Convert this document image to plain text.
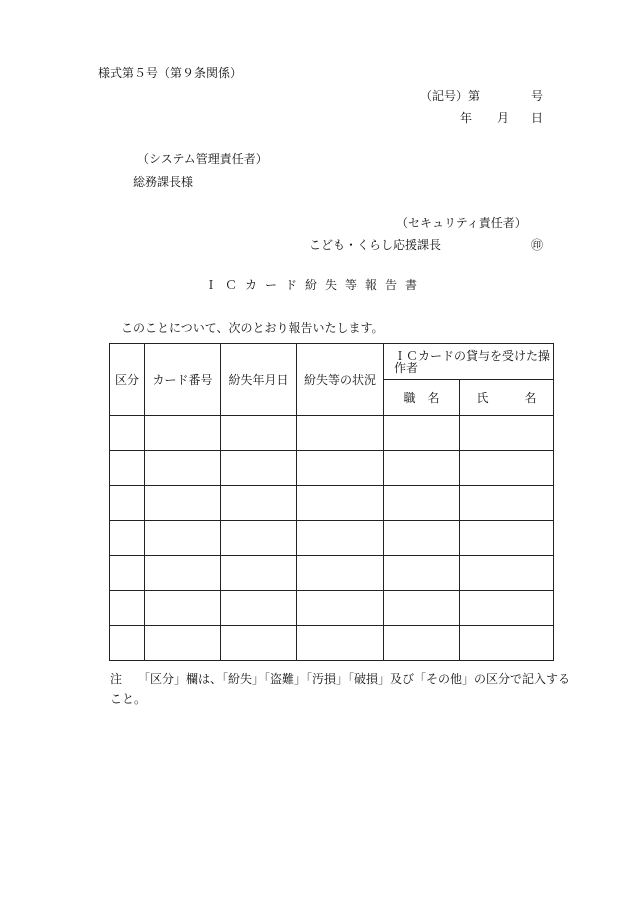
様式第５号（第９条関係）
（記号）第	号
年 月 日
（システム管理責任者）
総務課長様
（セキュリティ責任者）
こども・くらし応援課長	㊞
ＩＣカード紛失等報告書
このことについて、次のとおり報告いたします。
区分	カード番号	紛失年月日	紛失等の状況	ＩＣカードの貸与を受けた操作者	
				職　名	氏　　　名

注 「区分」欄は、「紛失」「盗難」「汚損」「破損」及び「その他」の区分で記入すること。
